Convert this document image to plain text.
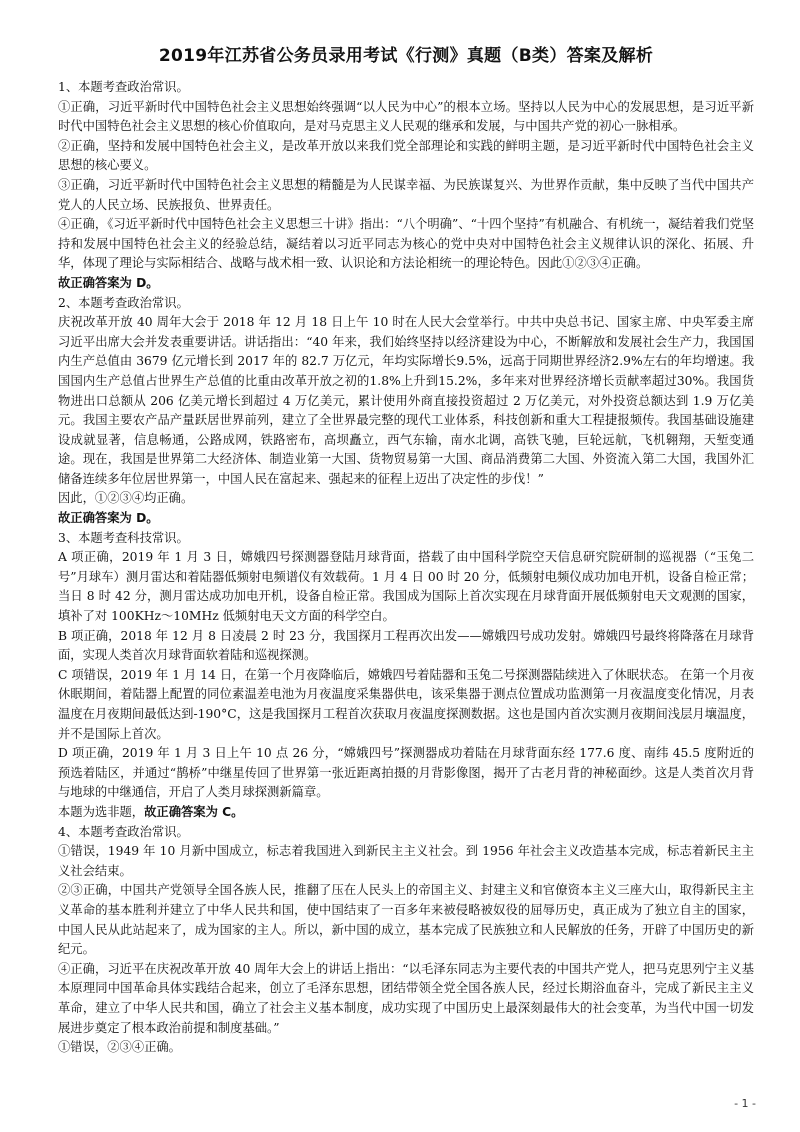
2019年江苏省公务员录用考试《行测》真题（B类）答案及解析

1、本题考查政治常识。

①正确，习近平新时代中国特色社会主义思想始终强调“以人民为中心”的根本立场。坚持以人民为中心的发展思想，是习近平新时代中国特色社会主义思想的核心价值取向，是对马克思主义人民观的继承和发展，与中国共产党的初心一脉相承。

②正确，坚持和发展中国特色社会主义，是改革开放以来我们党全部理论和实践的鲜明主题，是习近平新时代中国特色社会主义思想的核心要义。

③正确，习近平新时代中国特色社会主义思想的精髓是为人民谋幸福、为民族谋复兴、为世界作贡献，集中反映了当代中国共产党人的人民立场、民族报负、世界责任。

④正确，《习近平新时代中国特色社会主义思想三十讲》指出：“八个明确”、“十四个坚持”有机融合、有机统一，凝结着我们党坚持和发展中国特色社会主义的经验总结，凝结着以习近平同志为核心的党中央对中国特色社会主义规律认识的深化、拓展、升华，体现了理论与实际相结合、战略与战术相一致、认识论和方法论相统一的理论特色。因此①②③④正确。

故正确答案为 D。

2、本题考查政治常识。

庆祝改革开放 40 周年大会于 2018 年 12 月 18 日上午 10 时在人民大会堂举行。中共中央总书记、国家主席、中央军委主席习近平出席大会并发表重要讲话。讲话指出：“40 年来，我们始终坚持以经济建设为中心，不断解放和发展社会生产力，我国国内生产总值由 3679 亿元增长到 2017 年的 82.7 万亿元，年均实际增长9.5%，远高于同期世界经济2.9%左右的年均增速。我国国内生产总值占世界生产总值的比重由改革开放之初的1.8%上升到15.2%，多年来对世界经济增长贡献率超过30%。我国货物进出口总额从 206 亿美元增长到超过 4 万亿美元，累计使用外商直接投资超过 2 万亿美元，对外投资总额达到 1.9 万亿美元。我国主要农产品产量跃居世界前列，建立了全世界最完整的现代工业体系，科技创新和重大工程捷报频传。我国基础设施建设成就显著，信息畅通，公路成网，铁路密布，高坝矗立，西气东输，南水北调，高铁飞驰，巨轮远航，飞机翱翔，天堑变通途。现在，我国是世界第二大经济体、制造业第一大国、货物贸易第一大国、商品消费第二大国、外资流入第二大国，我国外汇储备连续多年位居世界第一，中国人民在富起来、强起来的征程上迈出了决定性的步伐！”

因此，①②③④均正确。

故正确答案为 D。

3、本题考查科技常识。

A 项正确，2019 年 1 月 3 日，嫦娥四号探测器登陆月球背面，搭载了由中国科学院空天信息研究院研制的巡视器（“玉兔二号”月球车）测月雷达和着陆器低频射电频谱仪有效载荷。1 月 4 日 00 时 20 分，低频射电频仪成功加电开机，设备自检正常；当日 8 时 42 分，测月雷达成功加电开机，设备自检正常。我国成为国际上首次实现在月球背面开展低频射电天文观测的国家，填补了对 100KHz～10MHz 低频射电天文方面的科学空白。

B 项正确，2018 年 12 月 8 日凌晨 2 时 23 分，我国探月工程再次出发——嫦娥四号成功发射。嫦娥四号最终将降落在月球背面，实现人类首次月球背面软着陆和巡视探测。

C 项错误，2019 年 1 月 14 日，在第一个月夜降临后，嫦娥四号着陆器和玉兔二号探测器陆续进入了休眠状态。 在第一个月夜休眠期间，着陆器上配置的同位素温差电池为月夜温度采集器供电，该采集器于测点位置成功监测第一月夜温度变化情况，月表温度在月夜期间最低达到-190°C，这是我国探月工程首次获取月夜温度探测数据。这也是国内首次实测月夜期间浅层月壤温度，并不是国际上首次。

D 项正确，2019 年 1 月 3 日上午 10 点 26 分，“嫦娥四号”探测器成功着陆在月球背面东经 177.6 度、南纬 45.5 度附近的预选着陆区，并通过“鹊桥”中继星传回了世界第一张近距离拍摄的月背影像图，揭开了古老月背的神秘面纱。这是人类首次月背与地球的中继通信，开启了人类月球探测新篇章。

本题为选非题，故正确答案为 C。

4、本题考查政治常识。

①错误，1949 年 10 月新中国成立，标志着我国进入到新民主主义社会。到 1956 年社会主义改造基本完成，标志着新民主主义社会结束。

②③正确，中国共产党领导全国各族人民，推翻了压在人民头上的帝国主义、封建主义和官僚资本主义三座大山，取得新民主主义革命的基本胜利并建立了中华人民共和国，使中国结束了一百多年来被侵略被奴役的屈辱历史，真正成为了独立自主的国家，中国人民从此站起来了，成为国家的主人。所以，新中国的成立，基本完成了民族独立和人民解放的任务，开辟了中国历史的新纪元。

④正确，习近平在庆祝改革开放 40 周年大会上的讲话上指出：“以毛泽东同志为主要代表的中国共产党人，把马克思列宁主义基本原理同中国革命具体实践结合起来，创立了毛泽东思想，团结带领全党全国各族人民，经过长期浴血奋斗，完成了新民主主义革命，建立了中华人民共和国，确立了社会主义基本制度，成功实现了中国历史上最深刻最伟大的社会变革，为当代中国一切发展进步奠定了根本政治前提和制度基础。”

①错误，②③④正确。

- 1 -
